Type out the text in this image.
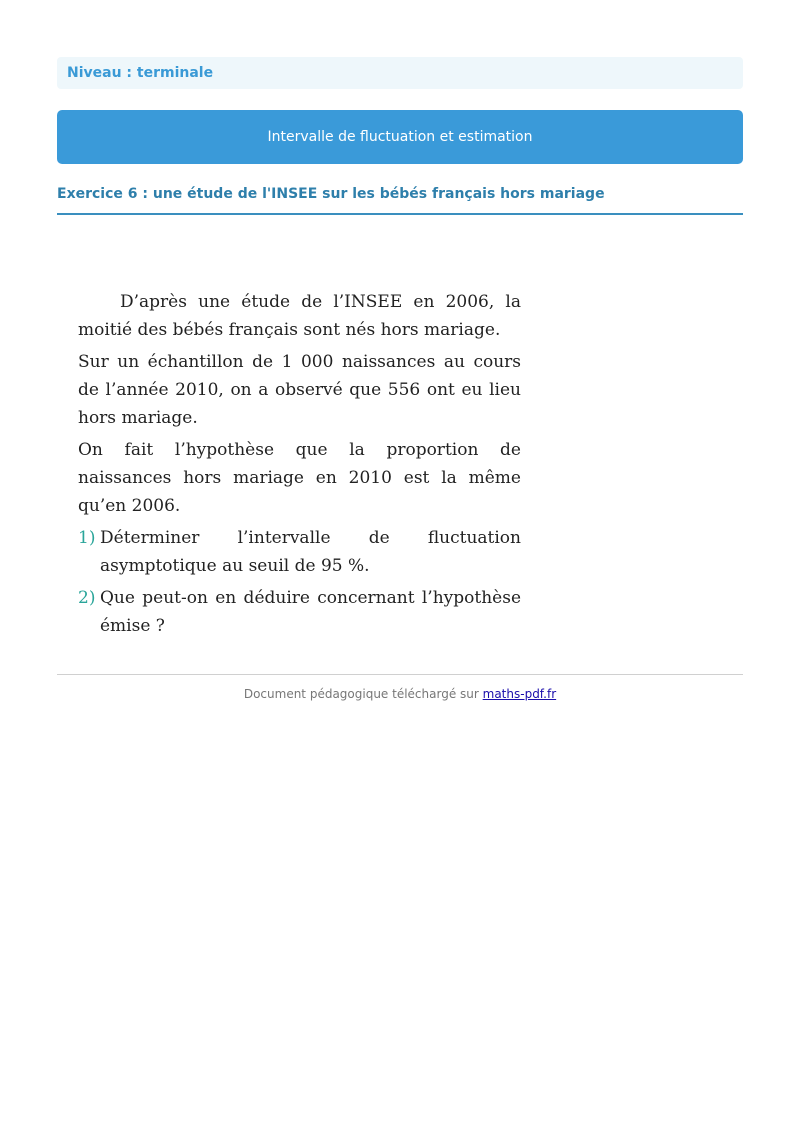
Niveau : terminale
Intervalle de fluctuation et estimation
Exercice 6 : une étude de l'INSEE sur les bébés français hors mariage

D’après une étude de l’INSEE en 2006, la moitié des bébés français sont nés hors mariage.

Sur un échantillon de 1 000 naissances au cours de l’année 2010, on a observé que 556 ont eu lieu hors mariage.

On fait l’hypothèse que la proportion de naissances hors mariage en 2010 est la même qu’en 2006.

1) Déterminer l’intervalle de fluctuation asymptotique au seuil de 95 %.
2) Que peut-on en déduire concernant l’hypothèse émise ?
Document pédagogique téléchargé sur maths-pdf.fr
